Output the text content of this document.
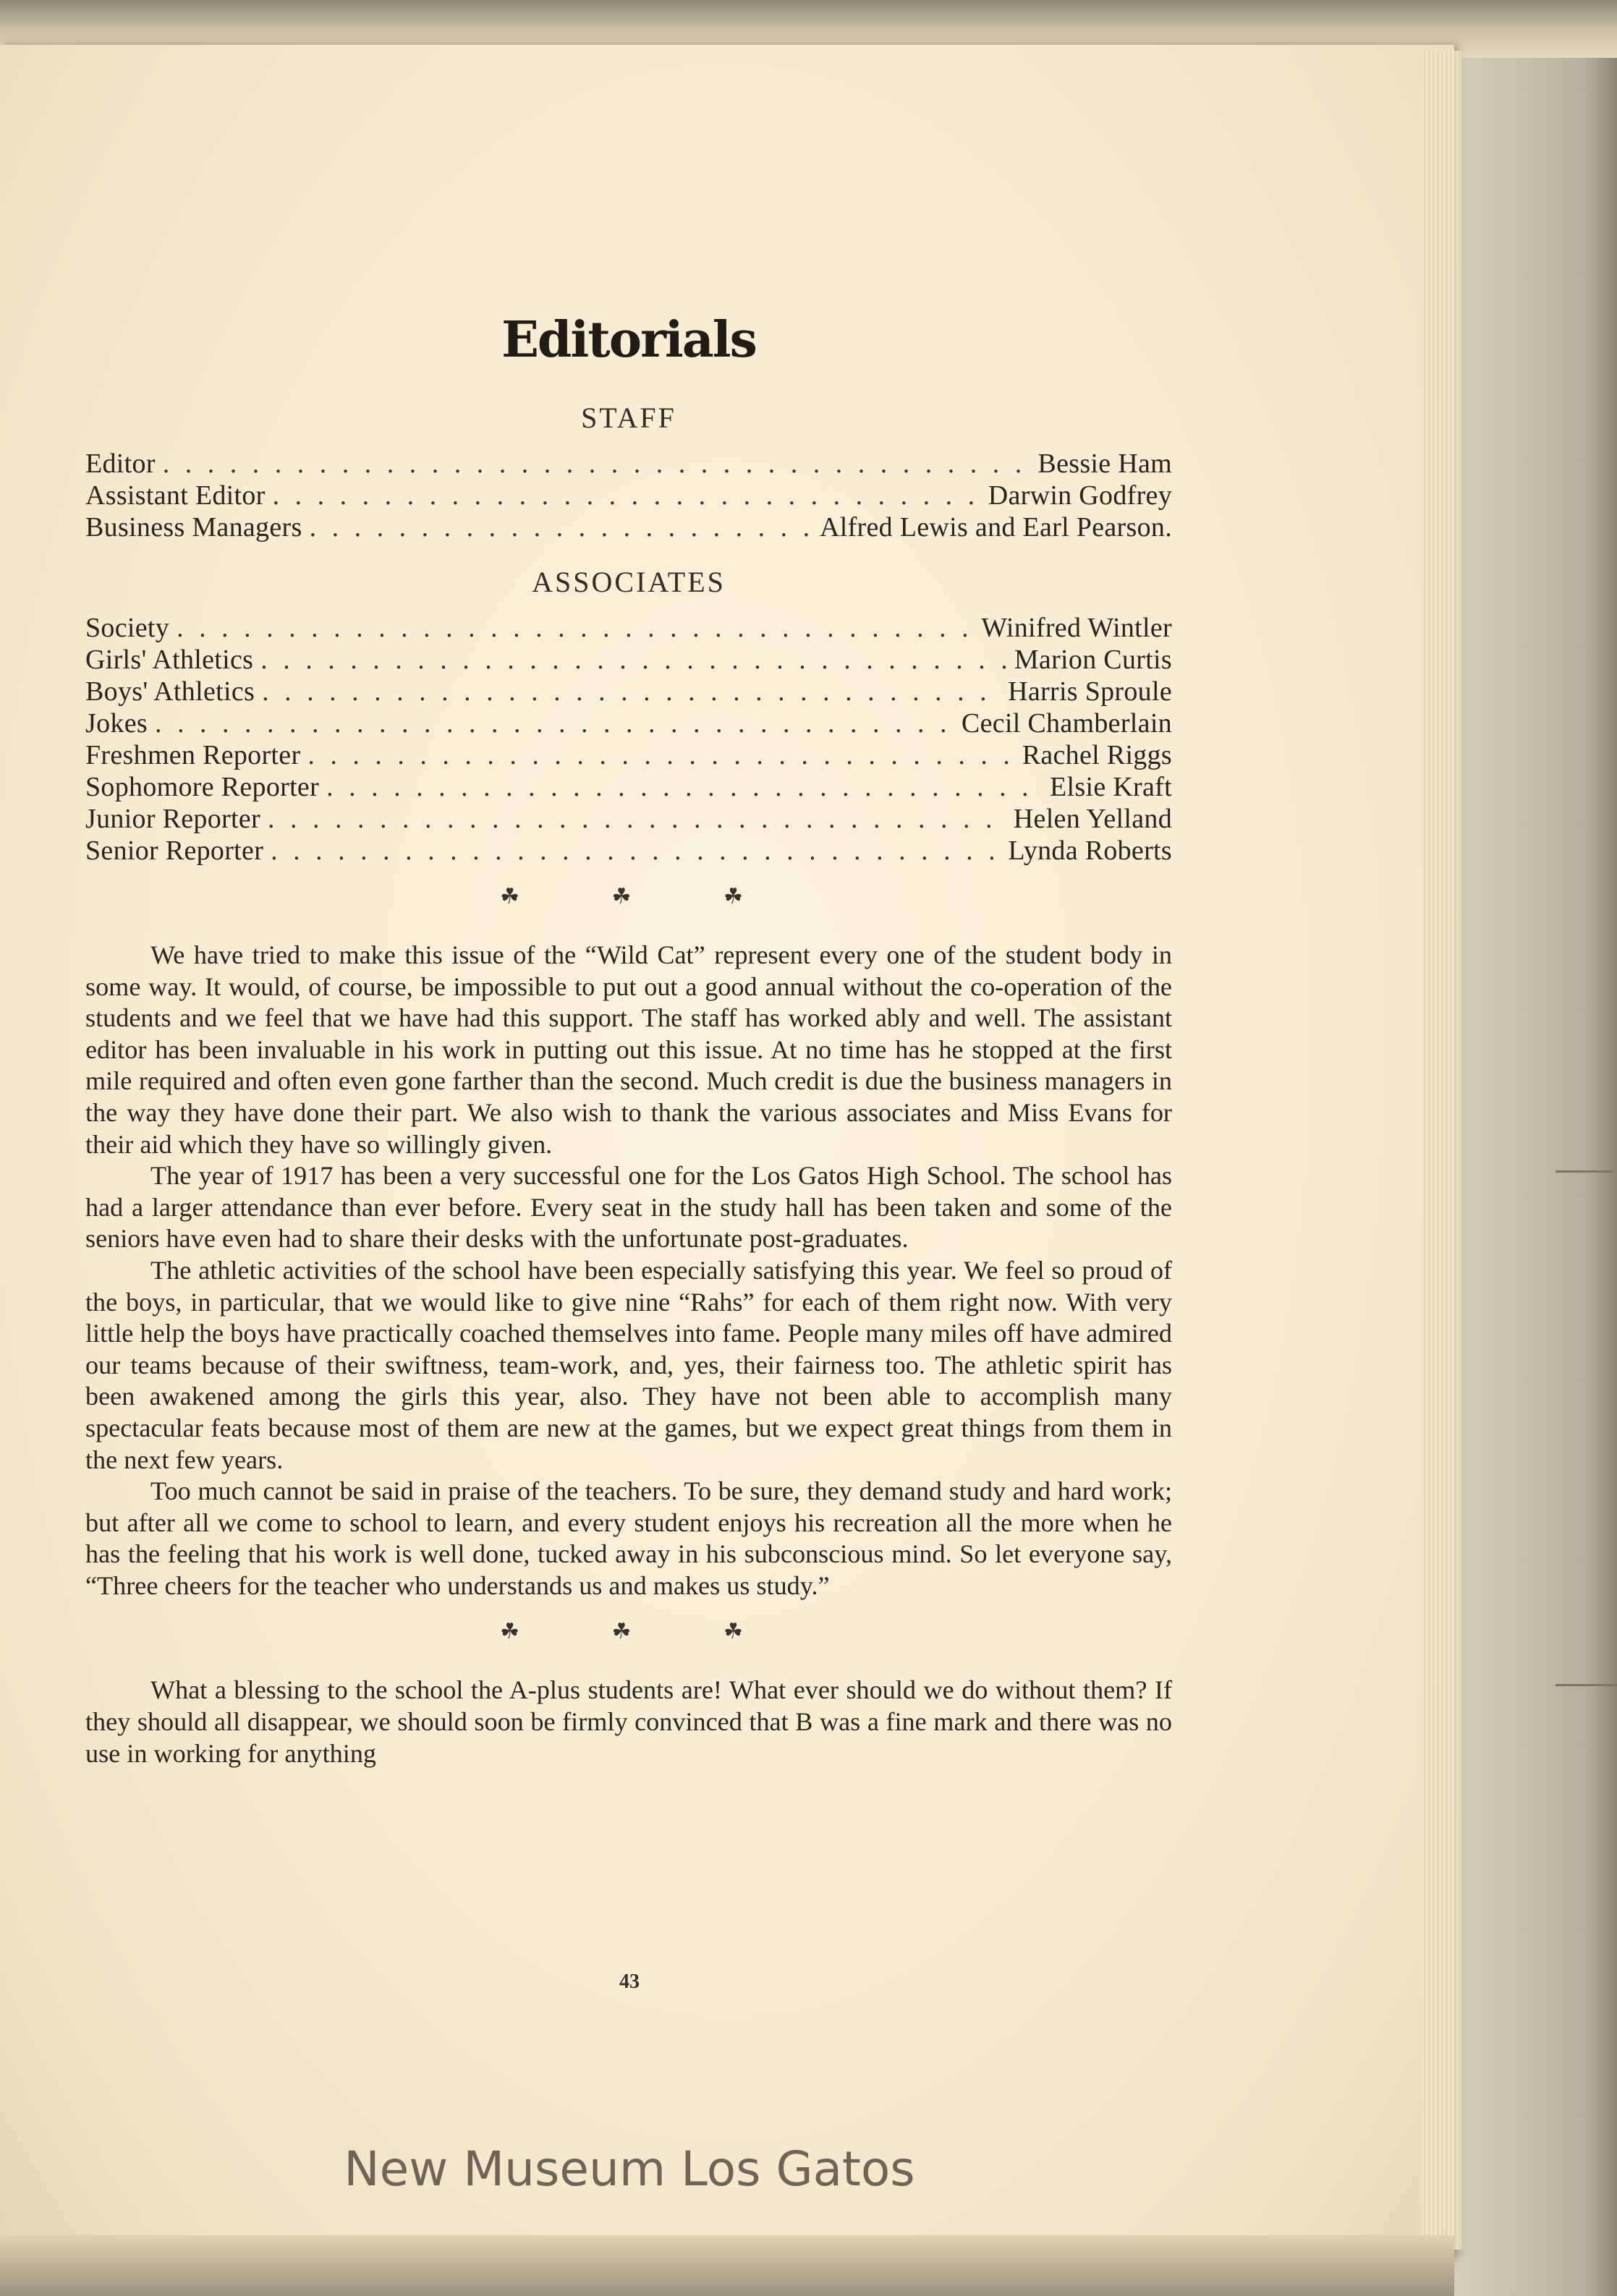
Editorials
STAFF
Editor . . .	Bessie Ham
Assistant Editor . . .	Darwin Godfrey
Business Managers . . .	Alfred Lewis and Earl Pearson.
ASSOCIATES
Society . . .	Winifred Wintler
Girls' Athletics . . .	Marion Curtis
Boys' Athletics . . .	Harris Sproule
Jokes . . .	Cecil Chamberlain
Freshmen Reporter . . .	Rachel Riggs
Sophomore Reporter . . .	Elsie Kraft
Junior Reporter . . .	Helen Yelland
Senior Reporter . . .	Lynda Roberts
☘ ☘ ☘

We have tried to make this issue of the “Wild Cat” represent every one of the student body in some way. It would, of course, be impossible to put out a good annual without the co-operation of the students and we feel that we have had this support. The staff has worked ably and well. The assistant editor has been invaluable in his work in putting out this issue. At no time has he stopped at the first mile required and often even gone farther than the second. Much credit is due the business managers in the way they have done their part. We also wish to thank the various associates and Miss Evans for their aid which they have so willingly given.

The year of 1917 has been a very successful one for the Los Gatos High School. The school has had a larger attendance than ever before. Every seat in the study hall has been taken and some of the seniors have even had to share their desks with the unfortunate post-graduates.

The athletic activities of the school have been especially satisfying this year. We feel so proud of the boys, in particular, that we would like to give nine “Rahs” for each of them right now. With very little help the boys have practically coached themselves into fame. People many miles off have admired our teams because of their swiftness, team-work, and, yes, their fairness too. The athletic spirit has been awakened among the girls this year, also. They have not been able to accomplish many spectacular feats because most of them are new at the games, but we expect great things from them in the next few years.

Too much cannot be said in praise of the teachers. To be sure, they demand study and hard work; but after all we come to school to learn, and every student enjoys his recreation all the more when he has the feeling that his work is well done, tucked away in his subconscious mind. So let everyone say, “Three cheers for the teacher who understands us and makes us study.”

☘ ☘ ☘

What a blessing to the school the A-plus students are! What ever should we do without them? If they should all disappear, we should soon be firmly convinced that B was a fine mark and there was no use in working for anything

43
New Museum Los Gatos
